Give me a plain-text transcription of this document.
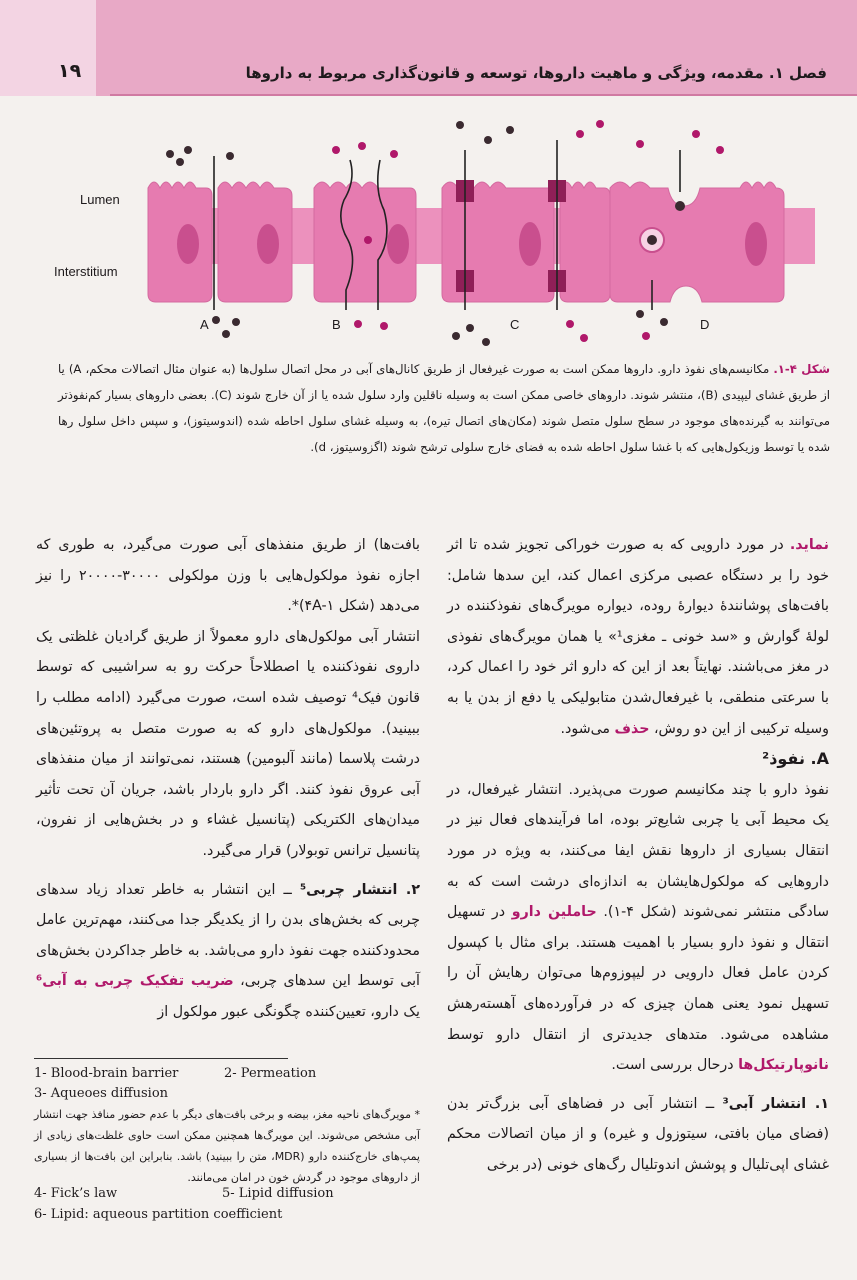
۱۹	فصل ۱. مقدمه، ویژگی و ماهیت داروها، توسعه و قانون‌گذاری مربوط به داروها
Lumen
Interstitium
A	B	C	D
شکل ۴-۱. مکانیسم‌های نفوذ دارو. داروها ممکن است به صورت غیرفعال از طریق کانال‌های آبی در محل اتصال سلول‌ها (به عنوان مثال اتصالات محکم، A) یا از طریق غشای لیپیدی (B)، منتشر شوند. داروهای خاصی ممکن است به وسیله ناقلین وارد سلول شده یا از آن خارج شوند (C). بعضی داروهای بسیار کم‌نفوذتر می‌توانند به گیرنده‌های موجود در سطح سلول متصل شوند (مکان‌های اتصال تیره)، به وسیله غشای سلول احاطه شده (اندوسیتوز)، و سپس داخل سلول رها شده یا توسط وزیکول‌هایی که با غشا سلول احاطه شده به فضای خارج سلولی ترشح شوند (اگزوسیتوز، d).

نماید. در مورد دارویی که به صورت خوراکی تجویز شده تا اثر خود را بر دستگاه عصبی مرکزی اعمال کند، این سدها شامل: بافت‌های پوشانندهٔ دیوارهٔ روده، دیواره مویرگ‌های نفوذکننده در لولهٔ گوارش و «سد خونی ـ مغزی¹» یا همان مویرگ‌های نفوذی در مغز می‌باشند. نهایتاً بعد از این که دارو اثر خود را اعمال کرد، با سرعتی منطقی، با غیرفعال‌شدن متابولیکی یا دفع از بدن یا به وسیله ترکیبی از این دو روش، حذف می‌شود.

A. نفوذ²

نفوذ دارو با چند مکانیسم صورت می‌پذیرد. انتشار غیرفعال، در یک محیط آبی یا چربی شایع‌تر بوده، اما فرآیندهای فعال نیز در انتقال بسیاری از داروها نقش ایفا می‌کنند، به ویژه در مورد داروهایی که مولکول‌هایشان به اندازه‌ای درشت است که به سادگی منتشر نمی‌شوند (شکل ۴-۱). حاملین دارو در تسهیل انتقال و نفوذ دارو بسیار با اهمیت هستند. برای مثال با کپسول کردن عامل فعال دارویی در لیپوزوم‌ها می‌توان رهایش آن را تسهیل نمود یعنی همان چیزی که در فرآورده‌های آهسته‌رهش مشاهده می‌شود. متدهای جدیدتری از انتقال دارو توسط نانوپارتیکل‌ها درحال بررسی است.

۱. انتشار آبی³ ــ انتشار آبی در فضاهای آبی بزرگ‌تر بدن (فضای میان بافتی، سیتوزول و غیره) و از میان اتصالات محکم غشای اپی‌تلیال و پوشش اندوتلیال رگ‌های خونی (در برخی

بافت‌ها) از طریق منفذهای آبی صورت می‌گیرد، به طوری که اجازه نفوذ مولکول‌هایی با وزن مولکولی ۳۰۰۰۰-۲۰۰۰۰ را نیز می‌دهد (شکل ۴A-۱)*.

انتشار آبی مولکول‌های دارو معمولاً از طریق گرادیان غلظتی یک داروی نفوذکننده یا اصطلاحاً حرکت رو به سراشیبی که توسط قانون فیک⁴ توصیف شده است، صورت می‌گیرد (ادامه مطلب را ببینید). مولکول‌های دارو که به صورت متصل به پروتئین‌های درشت پلاسما (مانند آلبومین) هستند، نمی‌توانند از میان منفذهای آبی عروق نفوذ کنند. اگر دارو باردار باشد، جریان آن تحت تأثیر میدان‌های الکتریکی (پتانسیل غشاء و در بخش‌هایی از نفرون، پتانسیل ترانس توبولار) قرار می‌گیرد.

۲. انتشار چربی⁵ ــ این انتشار به خاطر تعداد زیاد سدهای چربی که بخش‌های بدن را از یکدیگر جدا می‌کنند، مهم‌ترین عامل محدودکننده جهت نفوذ دارو می‌باشد. به خاطر جداکردن بخش‌های آبی توسط این سدهای چربی، ضریب تفکیک چربی به آبی⁶ یک دارو، تعیین‌کننده چگونگی عبور مولکول از

1- Blood-brain barrier	2- Permeation
3- Aqueoes diffusion
* مویرگ‌های ناحیه مغز، بیضه و برخی بافت‌های دیگر با عدم حضور منافذ جهت انتشار آبی مشخص می‌شوند. این مویرگ‌ها همچنین ممکن است حاوی غلظت‌های زیادی از پمپ‌های خارج‌کننده دارو (MDR، متن را ببینید) باشد. بنابراین این بافت‌ها از بسیاری از داروهای موجود در گردش خون در امان می‌مانند.
4- Fick’s law	5- Lipid diffusion
6- Lipid: aqueous partition coefficient
